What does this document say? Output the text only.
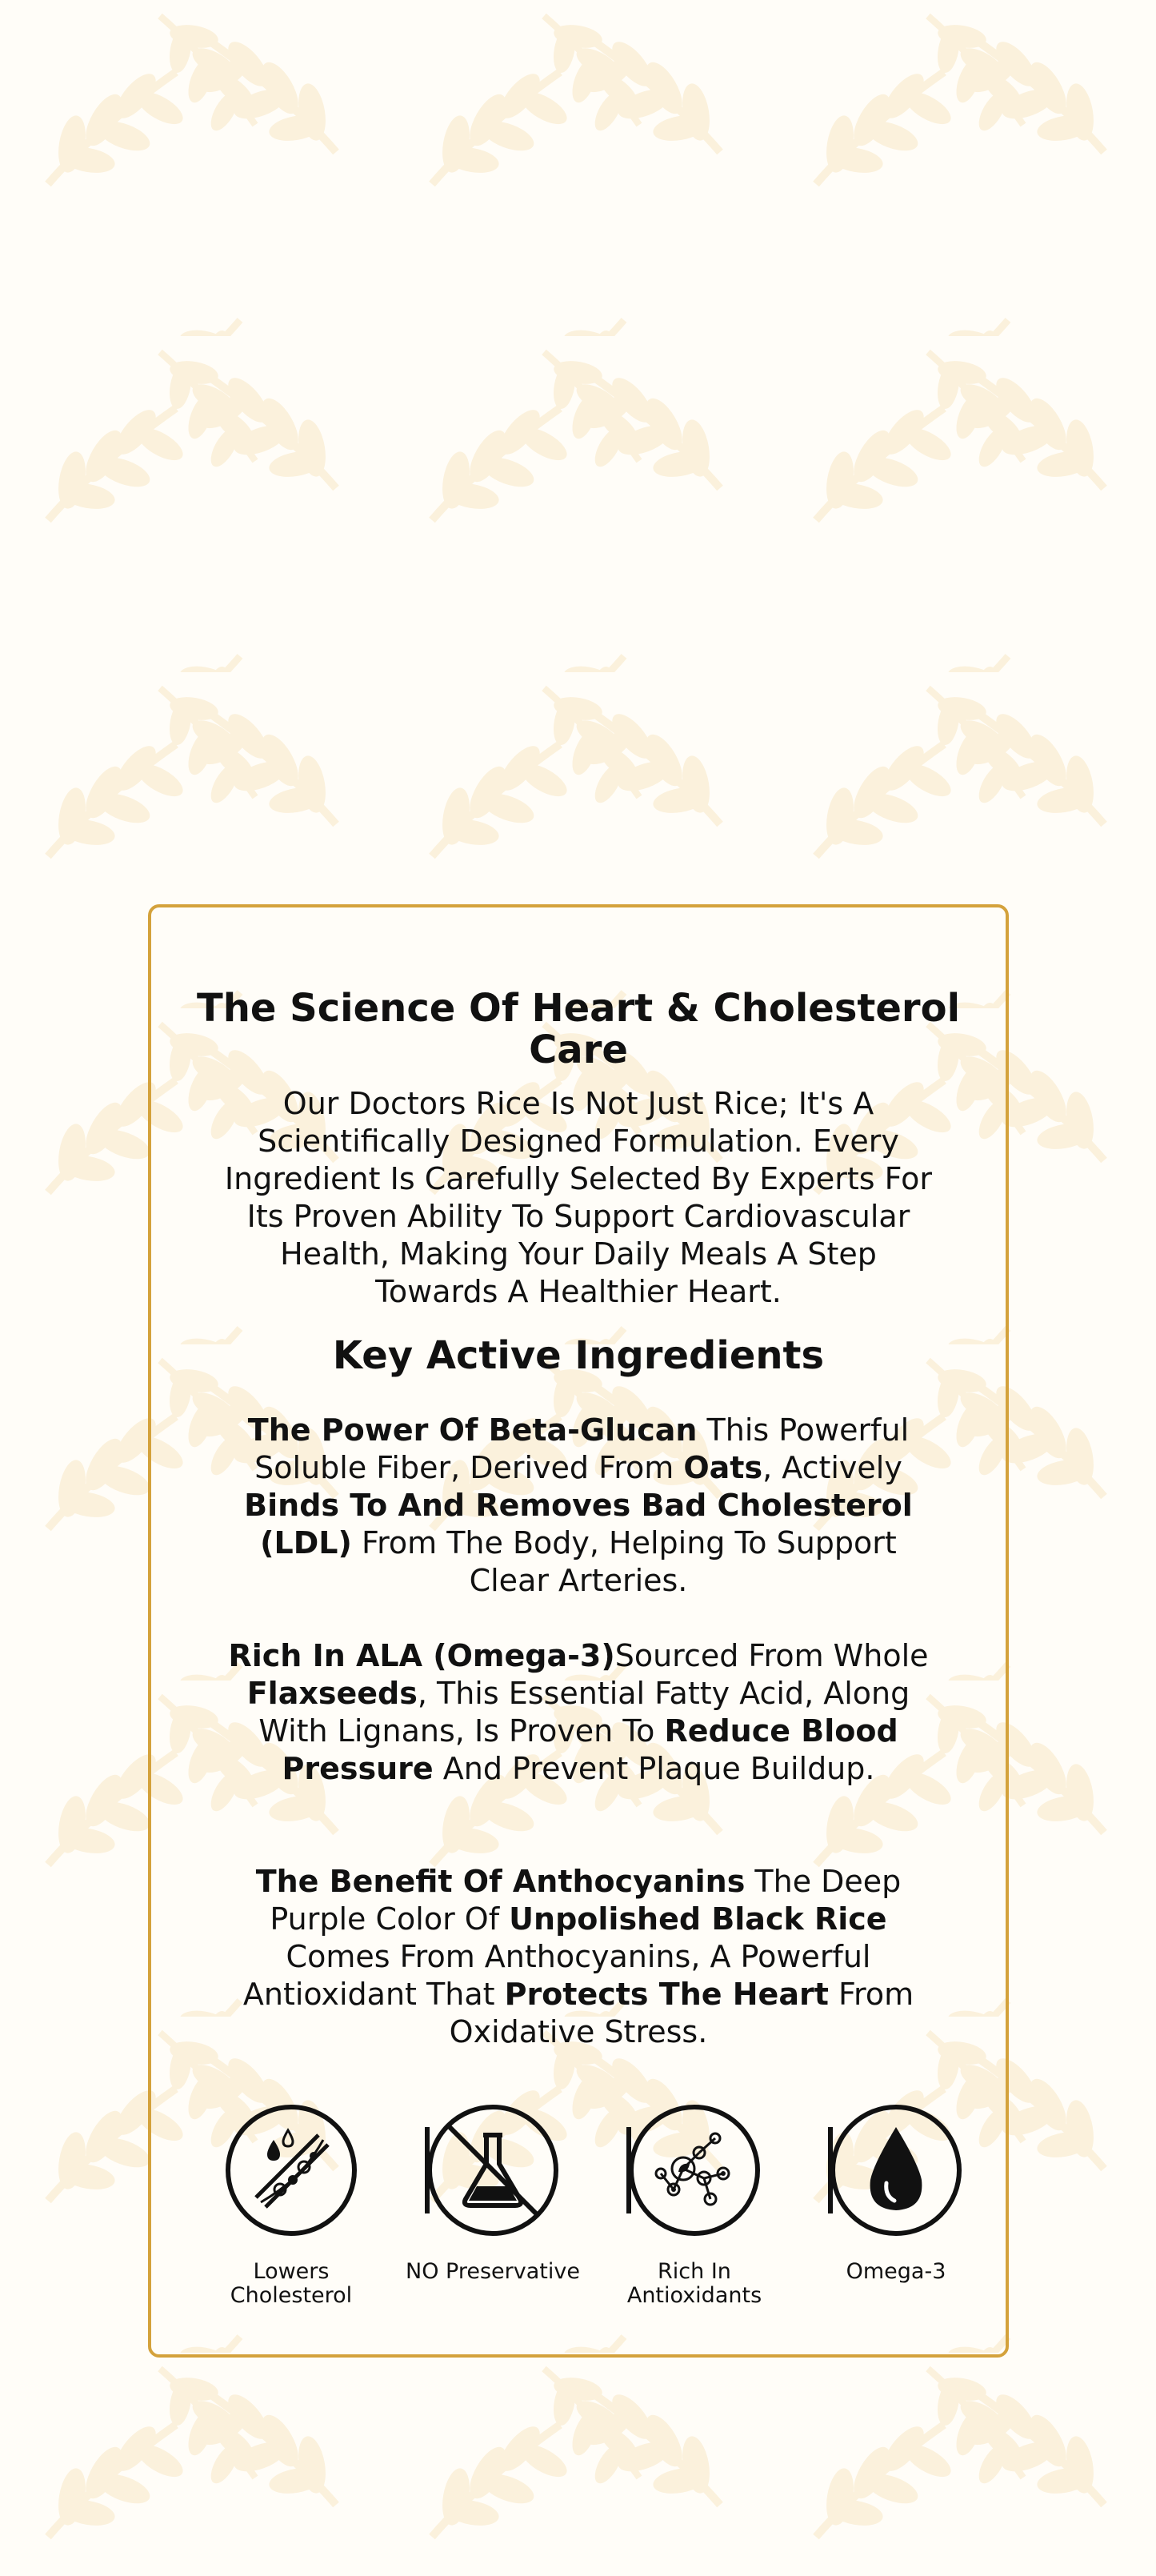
The Science Of Heart & Cholesterol Care

Our Doctors Rice Is Not Just Rice; It's A Scientifically Designed Formulation. Every Ingredient Is Carefully Selected By Experts For Its Proven Ability To Support Cardiovascular Health, Making Your Daily Meals A Step Towards A Healthier Heart.

Key Active Ingredients

The Power Of Beta-Glucan This Powerful Soluble Fiber, Derived From Oats, Actively Binds To And Removes Bad Cholesterol (LDL) From The Body, Helping To Support Clear Arteries.

Rich In ALA (Omega-3)Sourced From Whole Flaxseeds, This Essential Fatty Acid, Along With Lignans, Is Proven To Reduce Blood Pressure And Prevent Plaque Buildup.

The Benefit Of Anthocyanins The Deep Purple Color Of Unpolished Black Rice Comes From Anthocyanins, A Powerful Antioxidant That Protects The Heart From Oxidative Stress.

Lowers
Cholesterol
NO Preservative	Rich In
Antioxidants
Omega-3
